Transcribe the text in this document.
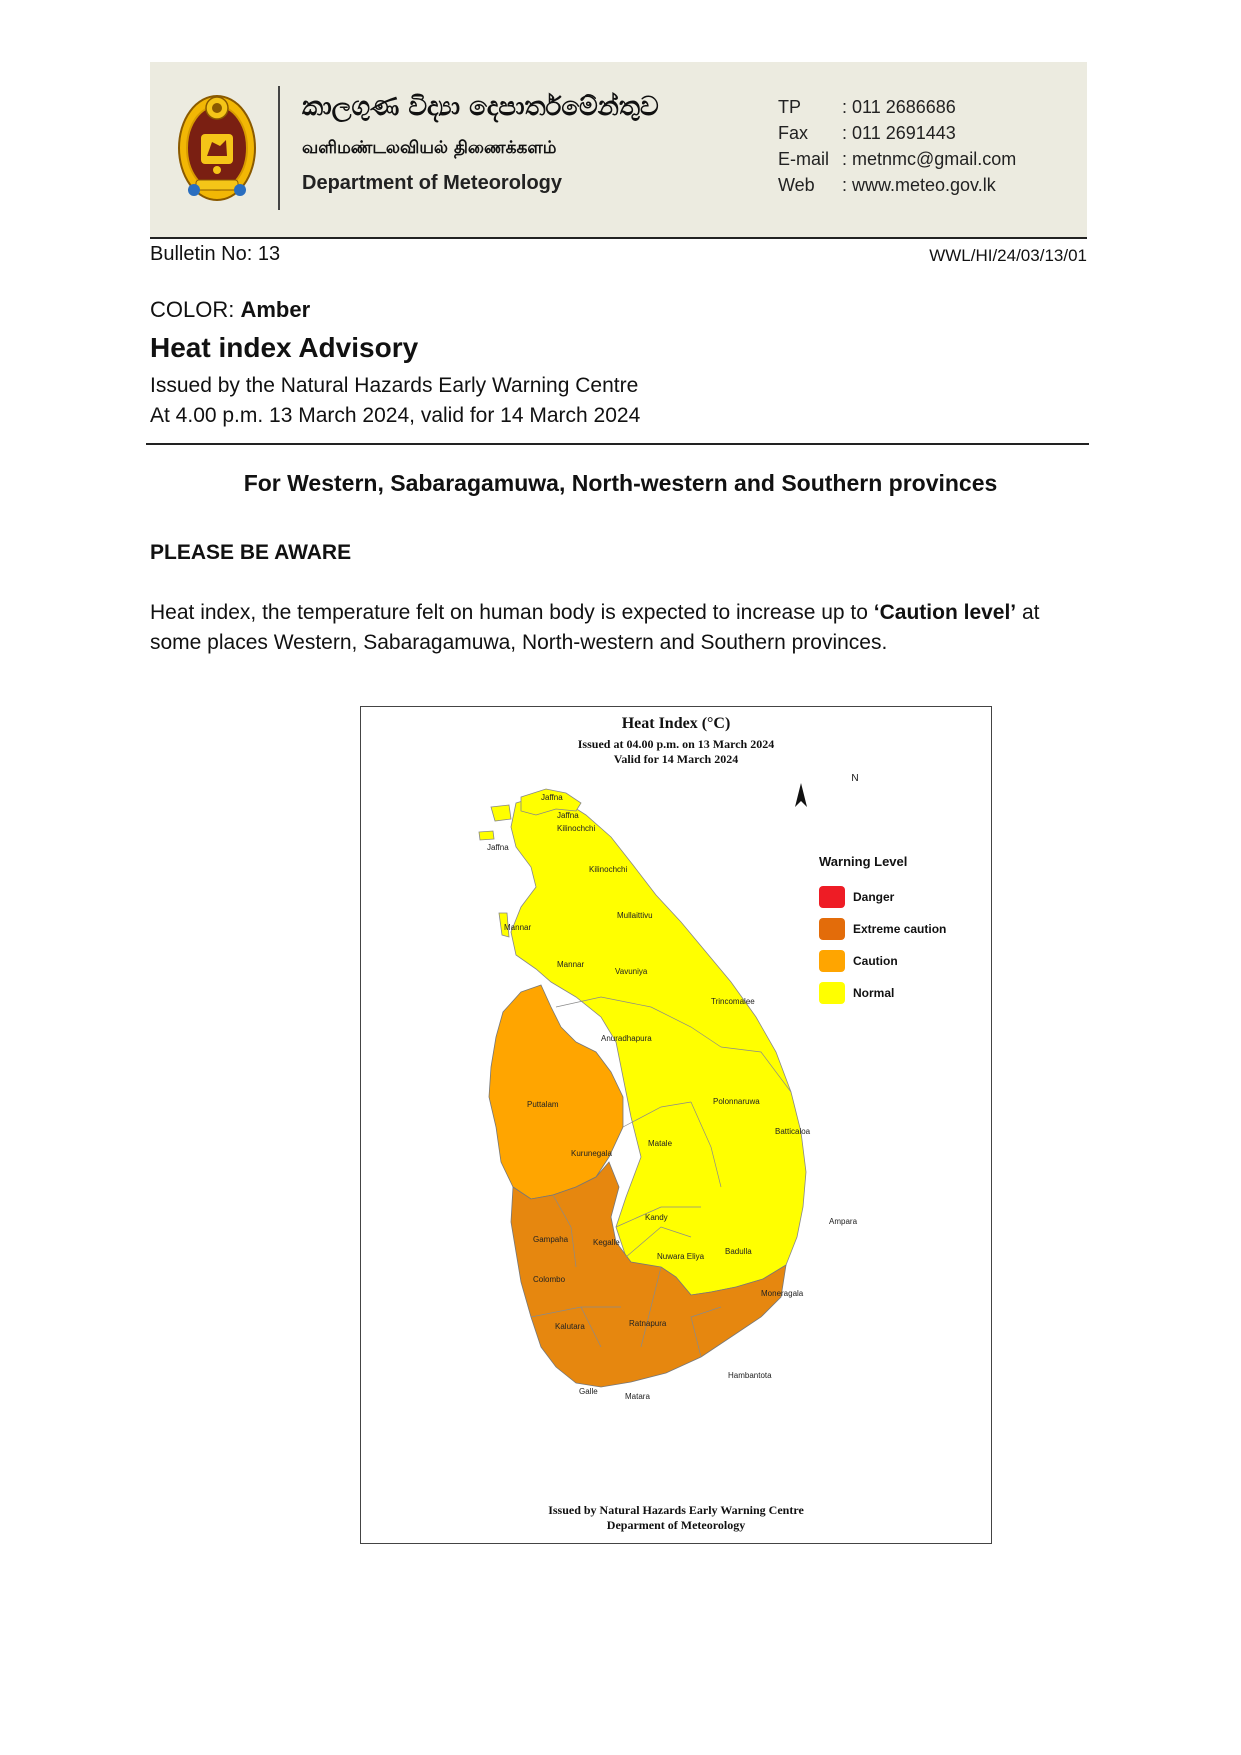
කාලගුණ විද්‍යා දෙපාර්තමේන්තුව
வளிமண்டலவியல் திணைக்களம்
Department of Meteorology
TP	: 011 2686686
Fax	: 011 2691443
E-mail : metnmc@gmail.com
Web	: www.meteo.gov.lk
Bulletin No: 13	WWL/HI/24/03/13/01
COLOR: Amber
Heat index Advisory
Issued by the Natural Hazards Early Warning Centre
At 4.00 p.m. 13 March 2024, valid for 14 March 2024
For Western, Sabaragamuwa, North-western and Southern provinces
PLEASE BE AWARE
Heat index, the temperature felt on human body is expected to increase up to ‘Caution level’ at some places Western, Sabaragamuwa, North-western and Southern provinces.
Heat Index (°C)
Issued at 04.00 p.m. on 13 March 2024
Valid for 14 March 2024
N
Warning Level
Danger
Extreme caution
Caution
Normal
Jaffna
Jaffna
Jaffna
Kilinochchi
Kilinochchi
Mullaittivu
Mannar
Mannar
Vavuniya
Trincomalee
Anuradhapura
Puttalam	Polonnaruwa
Batticaloa
Matale
Kurunegala
Kandy	Ampara
Gampaha	Kegalle
Nuwara Eliya
Badulla
Colombo
Moneragala
Kalutara	Ratnapura
Hambantota
Galle
Matara
Issued by Natural Hazards Early Warning Centre
Deparment of Meteorology
